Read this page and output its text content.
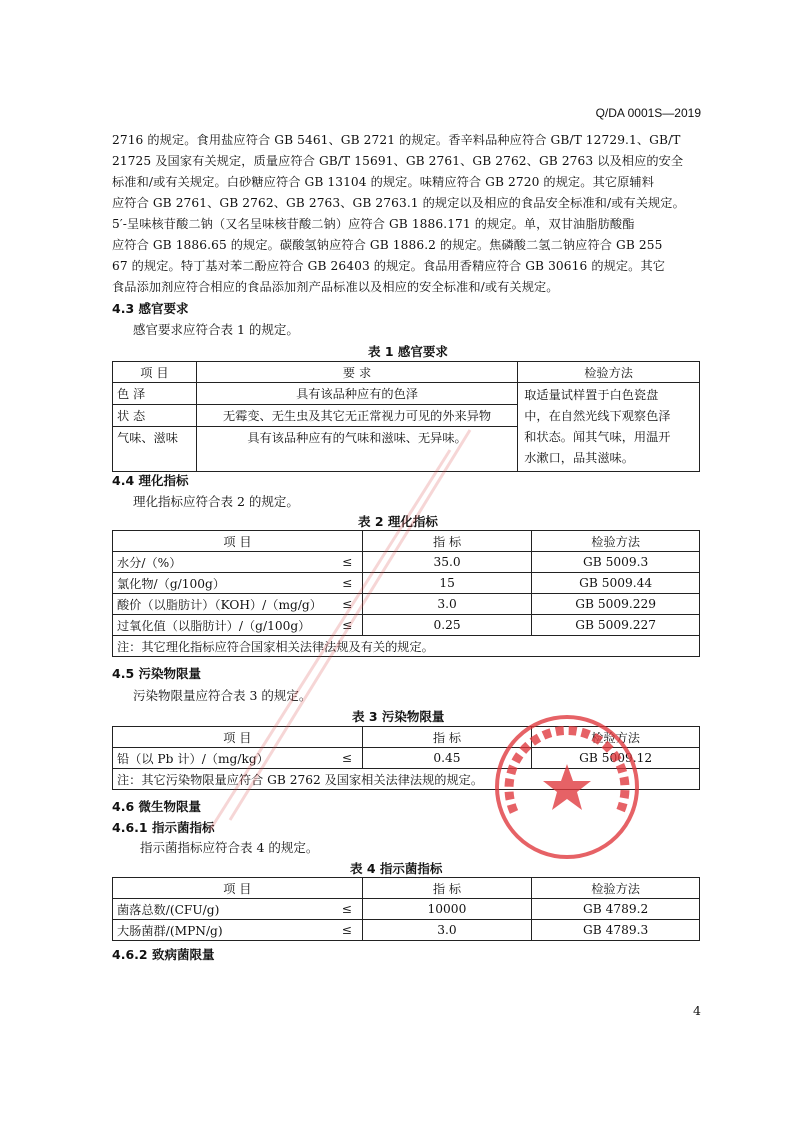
Q/DA 0001S—2019
2716 的规定。食用盐应符合 GB 5461、GB 2721 的规定。香辛料品种应符合 GB/T 12729.1、GB/T
21725 及国家有关规定，质量应符合 GB/T 15691、GB 2761、GB 2762、GB 2763 以及相应的安全
标准和/或有关规定。白砂糖应符合 GB 13104 的规定。味精应符合 GB 2720 的规定。其它原辅料
应符合 GB 2761、GB 2762、GB 2763、GB 2763.1 的规定以及相应的食品安全标准和/或有关规定。
5′-呈味核苷酸二钠（又名呈味核苷酸二钠）应符合 GB 1886.171 的规定。单，双甘油脂肪酸酯
应符合 GB 1886.65 的规定。碳酸氢钠应符合 GB 1886.2 的规定。焦磷酸二氢二钠应符合 GB 255
67 的规定。特丁基对苯二酚应符合 GB 26403 的规定。食品用香精应符合 GB 30616 的规定。其它
食品添加剂应符合相应的食品添加剂产品标准以及相应的安全标准和/或有关规定。
4.3 感官要求
感官要求应符合表 1 的规定。
表 1 感官要求
项 目	要 求	检验方法
色 泽	具有该品种应有的色泽	取适量试样置于白色瓷盘
中，在自然光线下观察色泽
和状态。闻其气味，用温开
水漱口，品其滋味。

状 态	无霉变、无生虫及其它无正常视力可见的外来异物	
气味、滋味	具有该品种应有的气味和滋味、无异味。	
4.4 理化指标
理化指标应符合表 2 的规定。
表 2 理化指标
项 目		指 标	检验方法
水分/（%）	≤	35.0	GB 5009.3
氯化物/（g/100g）	≤	15	GB 5009.44
酸价（以脂肪计）（KOH）/（mg/g）	≤	3.0	GB 5009.229
过氧化值（以脂肪计）/（g/100g）	≤	0.25	GB 5009.227
注：其它理化指标应符合国家相关法律法规及有关的规定。			
4.5 污染物限量
污染物限量应符合表 3 的规定。
表 3 污染物限量
项 目		指 标	检验方法
铅（以 Pb 计）/（mg/kg）	≤	0.45	GB 5009.12
注：其它污染物限量应符合 GB 2762 及国家相关法律法规的规定。			
4.6 微生物限量
4.6.1 指示菌指标
指示菌指标应符合表 4 的规定。
表 4 指示菌指标
项 目		指 标	检验方法
菌落总数/(CFU/g)	≤	10000	GB 4789.2
大肠菌群/(MPN/g)	≤	3.0	GB 4789.3
4.6.2 致病菌限量
4
